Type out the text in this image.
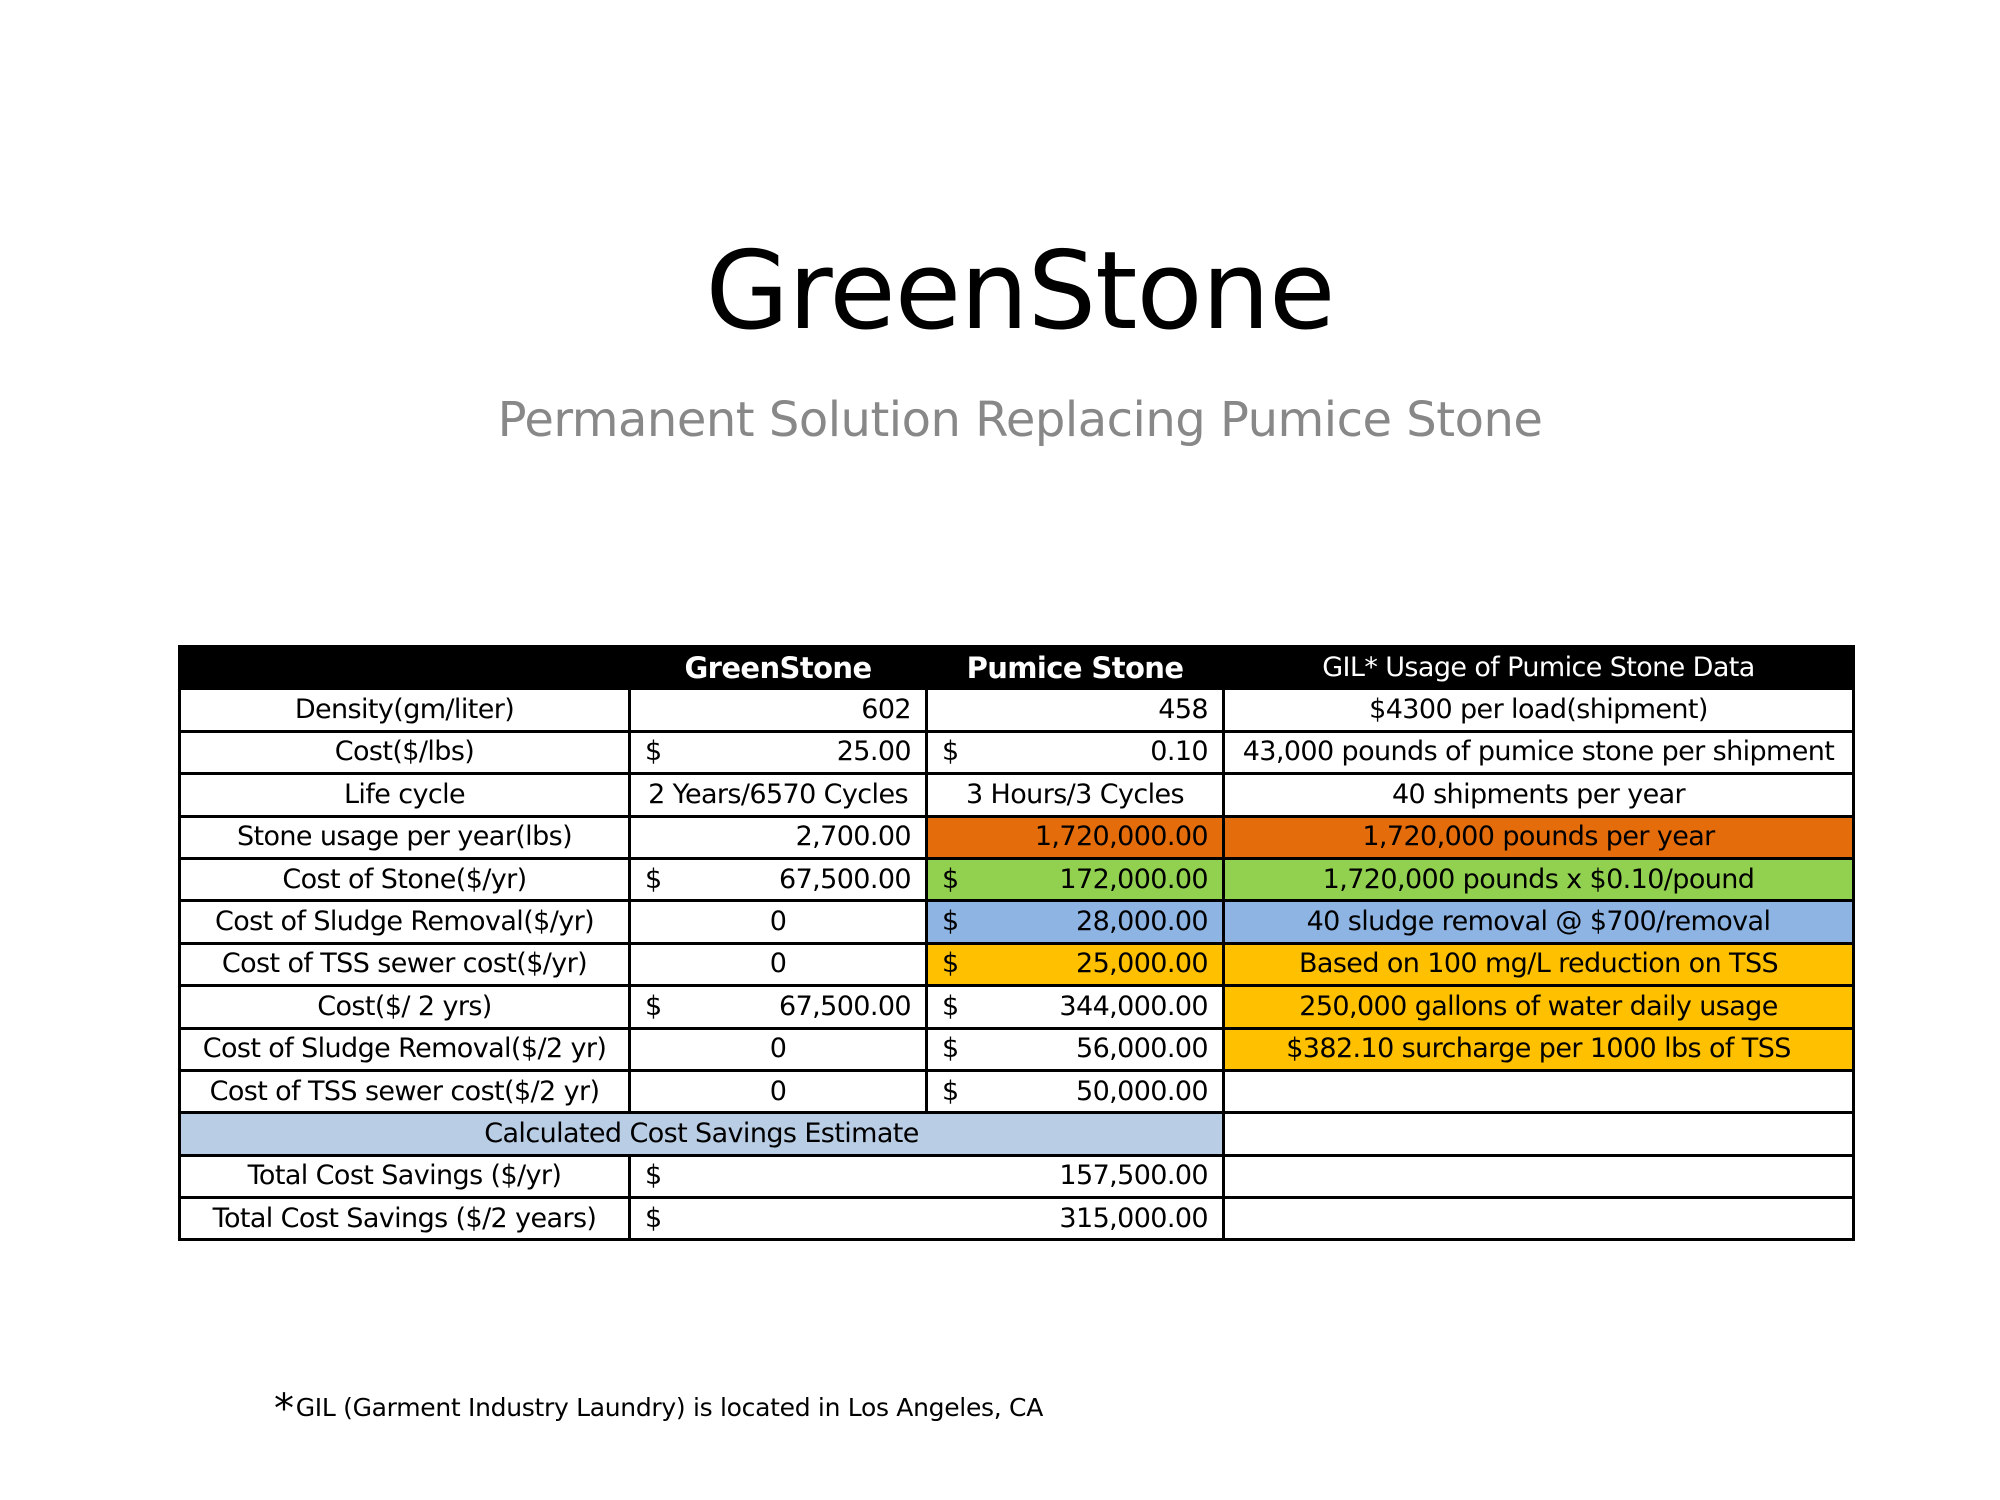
GreenStone
Permanent Solution Replacing Pumice Stone
	GreenStone	Pumice Stone	GIL* Usage of Pumice Stone Data
Density(gm/liter)	602	458	$4300 per load(shipment)
Cost($/lbs)	$ 25.00	$ 0.10	43,000 pounds of pumice stone per shipment
Life cycle	2 Years/6570 Cycles	3 Hours/3 Cycles	40 shipments per year
Stone usage per year(lbs)	2,700.00	1,720,000.00	1,720,000 pounds per year
Cost of Stone($/yr)	$ 67,500.00	$ 172,000.00	1,720,000 pounds x $0.10/pound
Cost of Sludge Removal($/yr)	0	$ 28,000.00	40 sludge removal @ $700/removal
Cost of TSS sewer cost($/yr)	0	$ 25,000.00	Based on 100 mg/L reduction on TSS
Cost($/ 2 yrs)	$ 67,500.00	$ 344,000.00	250,000 gallons of water daily usage
Cost of Sludge Removal($/2 yr)	0	$ 56,000.00	$382.10 surcharge per 1000 lbs of TSS
Cost of TSS sewer cost($/2 yr)	0	$ 50,000.00	

Calculated Cost Savings Estimate			
Total Cost Savings ($/yr)	$	157,500.00	
Total Cost Savings ($/2 years)	$	315,000.00	
*GIL (Garment Industry Laundry) is located in Los Angeles, CA
